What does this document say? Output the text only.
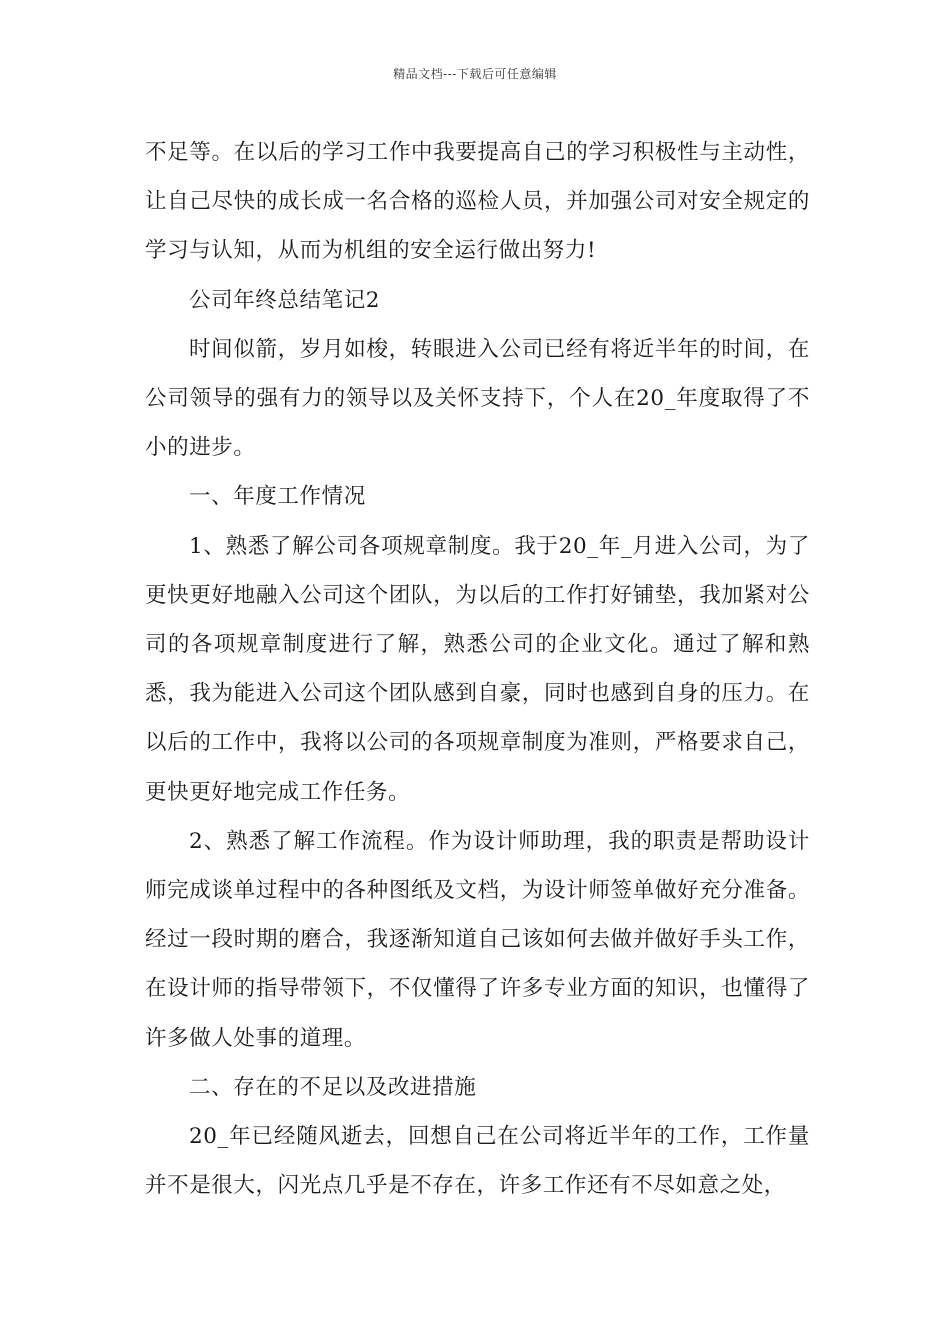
精品文档---下载后可任意编辑

不足等。在以后的学习工作中我要提高自己的学习积极性与主动性，让自己尽快的成长成一名合格的巡检人员，并加强公司对安全规定的学习与认知，从而为机组的安全运行做出努力!

公司年终总结笔记2

时间似箭，岁月如梭，转眼进入公司已经有将近半年的时间，在公司领导的强有力的领导以及关怀支持下，个人在20_年度取得了不小的进步。

一、年度工作情况

1、熟悉了解公司各项规章制度。我于20_年_月进入公司，为了更快更好地融入公司这个团队，为以后的工作打好铺垫，我加紧对公司的各项规章制度进行了解，熟悉公司的企业文化。通过了解和熟悉，我为能进入公司这个团队感到自豪，同时也感到自身的压力。在以后的工作中，我将以公司的各项规章制度为准则，严格要求自己，更快更好地完成工作任务。

2、熟悉了解工作流程。作为设计师助理，我的职责是帮助设计师完成谈单过程中的各种图纸及文档，为设计师签单做好充分准备。经过一段时期的磨合，我逐渐知道自己该如何去做并做好手头工作，在设计师的指导带领下，不仅懂得了许多专业方面的知识，也懂得了许多做人处事的道理。

二、存在的不足以及改进措施

20_年已经随风逝去，回想自己在公司将近半年的工作，工作量并不是很大，闪光点几乎是不存在，许多工作还有不尽如意之处，
